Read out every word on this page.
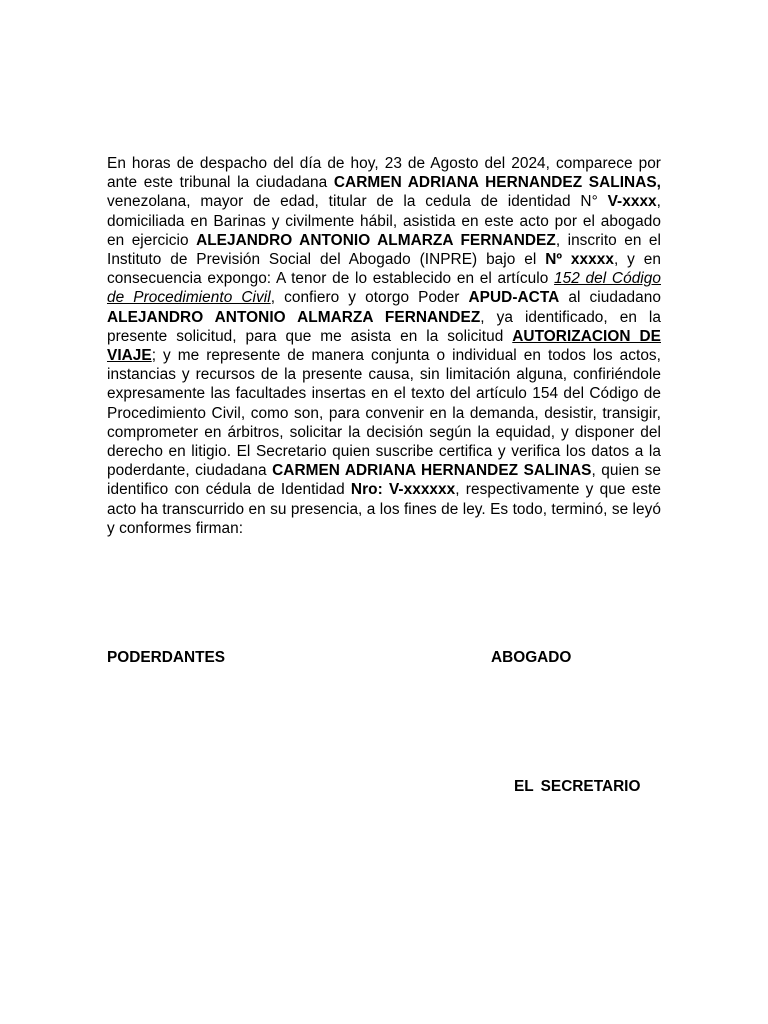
En horas de despacho del día de hoy, 23 de Agosto del 2024, comparece por ante este tribunal la ciudadana CARMEN ADRIANA HERNANDEZ SALINAS, venezolana, mayor de edad, titular de la cedula de identidad N° V-xxxx, domiciliada en Barinas y civilmente hábil, asistida en este acto por el abogado en ejercicio ALEJANDRO ANTONIO ALMARZA FERNANDEZ, inscrito en el Instituto de Previsión Social del Abogado (INPRE) bajo el Nº xxxxx, y en consecuencia expongo: A tenor de lo establecido en el artículo 152 del Código de Procedimiento Civil, confiero y otorgo Poder APUD-ACTA al ciudadano ALEJANDRO ANTONIO ALMARZA FERNANDEZ, ya identificado, en la presente solicitud, para que me asista en la solicitud AUTORIZACION DE VIAJE; y me represente de manera conjunta o individual en todos los actos, instancias y recursos de la presente causa, sin limitación alguna, confiriéndole expresamente las facultades insertas en el texto del artículo 154 del Código de Procedimiento Civil, como son, para convenir en la demanda, desistir, transigir, comprometer en árbitros, solicitar la decisión según la equidad, y disponer del derecho en litigio. El Secretario quien suscribe certifica y verifica los datos a la poderdante, ciudadana CARMEN ADRIANA HERNANDEZ SALINAS, quien se identifico con cédula de Identidad Nro: V-xxxxxx, respectivamente y que este acto ha transcurrido en su presencia, a los fines de ley. Es todo, terminó, se leyó y conformes firman:

PODERDANTES	ABOGADO
EL SECRETARIO
